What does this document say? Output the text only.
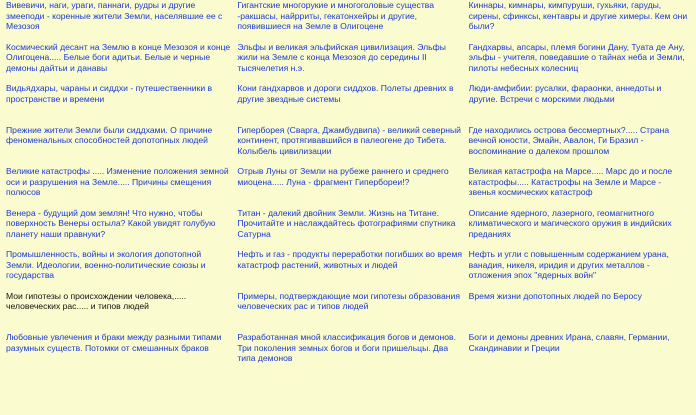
Вивевичи, наги, ураги, паннаги, рудры и другие змееподи - коренные жители Земли, населявшие ее с Мезозоя
Гигантские многорукие и многоголовые существа -ракшасы, найрриты, гекатонхейры и другие, появившиеся на Земле в Олигоцене
Киннары, кимнары, кимпуруши, гухьяки, гаруды, сирены, сфинксы, кентавры и другие химеры. Кем они были?
Космический десант на Землю в конце Мезозоя и конце Олигоцена..... Белые боги адитьи. Белые и черные демоны дайтьи и данавы
Эльфы и великая эльфийская цивилизация. Эльфы жили на Земле с конца Мезозоя до середины II тысячелетия н.э.
Гандхарвы, апсары, племя богини Дану, Туата де Ану, эльфы - учителя, поведавшие о тайнах неба и Земли, пилоты небесных колесниц
Видьядхары, чараны и сиддхи - путешественники в пространстве и времени
Кони гандхарвов и дороги сиддхов. Полеты древних в другие звездные системы
Люди-амфибии: русалки, фараонки, аннедоты и другие. Встречи с морскими людьми
Прежние жители Земли были сиддхами. О причине феноменальных способностей допотопных людей
Гиперборея (Сварга, Джамбудвипа) - великий северный континент, протягивавшийся в палеогене до Тибета. Колыбель цивилизации
Где находились острова бессмертных?..... Страна вечной юности, Эмайн, Авалон, Ги Бразил - воспоминание о далеком прошлом
Великие катастрофы ..... Изменение положения земной оси и разрушения на Земле..... Причины смещения полюсов
Отрыв Луны от Земли на рубеже раннего и среднего миоцена..... Луна - фрагмент Гипербореи!?
Великая катастрофа на Марсе..... Марс до и после катастрофы..... Катастрофы на Земле и Марсе - звенья космических катастроф
Венера - будущий дом землян! Что нужно, чтобы поверхность Венеры остыла? Какой увидят голубую планету наши правнуки?
Титан - далекий двойник Земли. Жизнь на Титане. Прочитайте и наслаждайтесь фотографиями спутника Сатурна
Описание ядерного, лазерного, геомагнитного климатического и магического оружия в индийских преданиях
Промышленность, войны и экология допотопной Земли. Идеологии, военно-политические союзы и государства
Нефть и газ - продукты переработки погибших во время катастроф растений, животных и людей
Нефть и угли с повышенным содержанием урана, ванадия, никеля, иридия и других металлов - отложения эпох "ядерных войн"
Мои гипотезы о происхождении человека,..... человеческих рас..... и типов людей
Примеры, подтверждающие мои гипотезы образования человеческих рас и типов людей
Время жизни допотопных людей по Беросу
Любовные увлечения и браки между разными типами разумных существ. Потомки от смешанных браков
Разработанная мной классификация богов и демонов. Три поколения земных богов и боги пришельцы. Два типа демонов
Боги и демоны древних Ирана, славян, Германии, Скандинавии и Греции
